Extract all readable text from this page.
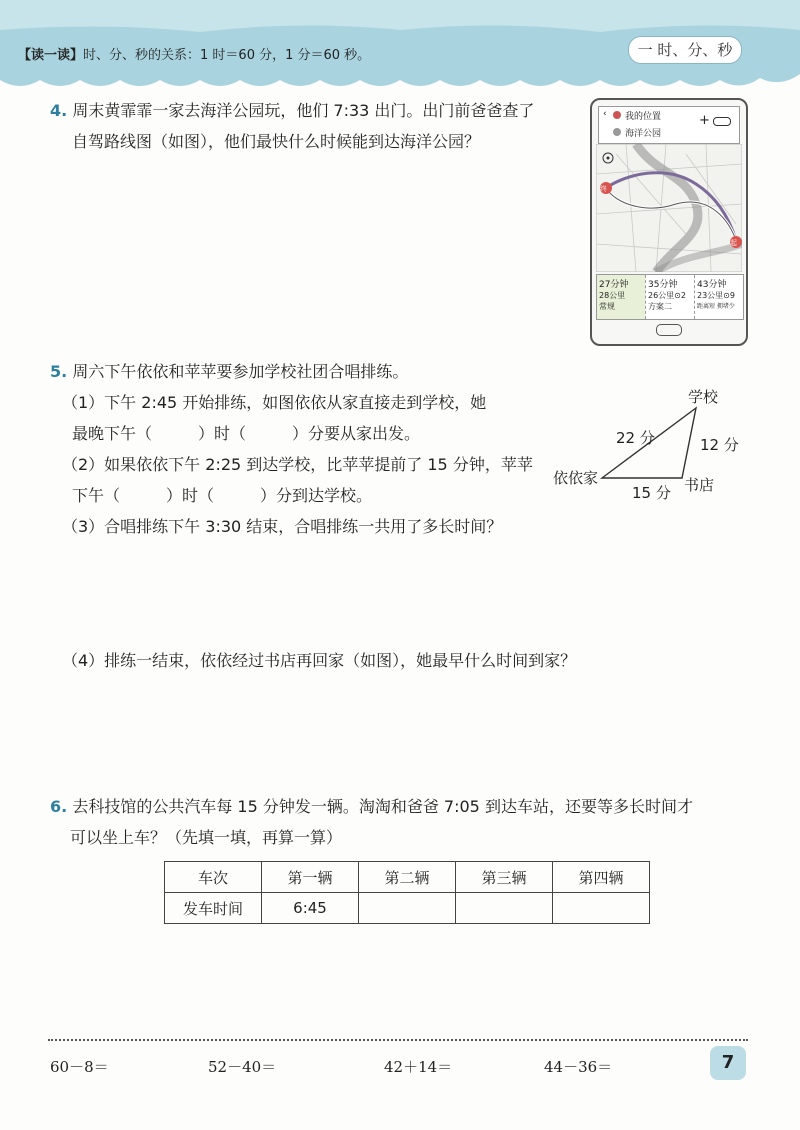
【读一读】时、分、秒的关系：1 时＝60 分，1 分＝60 秒。	一 时、分、秒
4. 周末黄霏霏一家去海洋公园玩，他们 7:33 出门。出门前爸爸查了
自驾路线图（如图），他们最快什么时候能到达海洋公园？
‹ 我的位置
海洋公园
+
终
起
27分钟
28公里
常规
35分钟
26公里⊙2
方案二
43分钟
23公里⊙9
距离短 拥堵少
5. 周六下午依依和苹苹要参加学校社团合唱排练。
（1）下午 2:45 开始排练，如图依依从家直接走到学校，她
最晚下午（	）时（	）分要从家出发。
（2）如果依依下午 2:25 到达学校，比苹苹提前了 15 分钟，苹苹
下午（	）时（	）分到达学校。
（3）合唱排练下午 3:30 结束，合唱排练一共用了多长时间？
学校
依依家	书店
22 分	12 分
15 分
（4）排练一结束，依依经过书店再回家（如图），她最早什么时间到家？
6. 去科技馆的公共汽车每 15 分钟发一辆。淘淘和爸爸 7:05 到达车站，还要等多长时间才
可以坐上车？（先填一填，再算一算）
车次	第一辆	第二辆	第三辆	第四辆
发车时间	6:45			
60－8＝	52－40＝	42＋14＝	44－36＝	7
